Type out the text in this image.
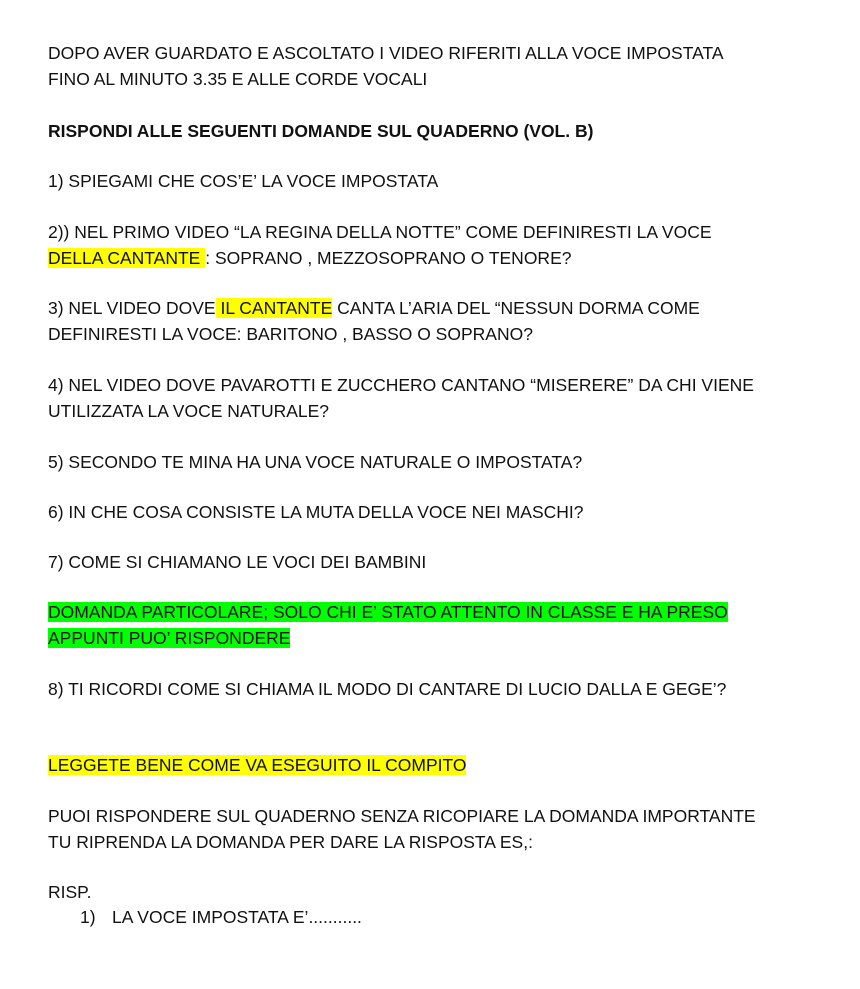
DOPO AVER GUARDATO E ASCOLTATO I VIDEO RIFERITI ALLA VOCE IMPOSTATA
FINO AL MINUTO 3.35 E ALLE CORDE VOCALI

RISPONDI ALLE SEGUENTI DOMANDE SUL QUADERNO (VOL. B)

1) SPIEGAMI CHE COS’E’ LA VOCE IMPOSTATA

2)) NEL PRIMO VIDEO “LA REGINA DELLA NOTTE” COME DEFINIRESTI LA VOCE
DELLA CANTANTE : SOPRANO , MEZZOSOPRANO O TENORE?

3) NEL VIDEO DOVE IL CANTANTE CANTA L’ARIA DEL “NESSUN DORMA COME
DEFINIRESTI LA VOCE: BARITONO , BASSO O SOPRANO?

4) NEL VIDEO DOVE PAVAROTTI E ZUCCHERO CANTANO “MISERERE” DA CHI VIENE
UTILIZZATA LA VOCE NATURALE?

5) SECONDO TE MINA HA UNA VOCE NATURALE O IMPOSTATA?

6) IN CHE COSA CONSISTE LA MUTA DELLA VOCE NEI MASCHI?

7) COME SI CHIAMANO LE VOCI DEI BAMBINI

DOMANDA PARTICOLARE; SOLO CHI E’ STATO ATTENTO IN CLASSE E HA PRESO
APPUNTI PUO’ RISPONDERE

8) TI RICORDI COME SI CHIAMA IL MODO DI CANTARE DI LUCIO DALLA E GEGE’?

LEGGETE BENE COME VA ESEGUITO IL COMPITO

PUOI RISPONDERE SUL QUADERNO SENZA RICOPIARE LA DOMANDA IMPORTANTE
TU RIPRENDA LA DOMANDA PER DARE LA RISPOSTA ES,:

RISP.

1) LA VOCE IMPOSTATA E’...........
